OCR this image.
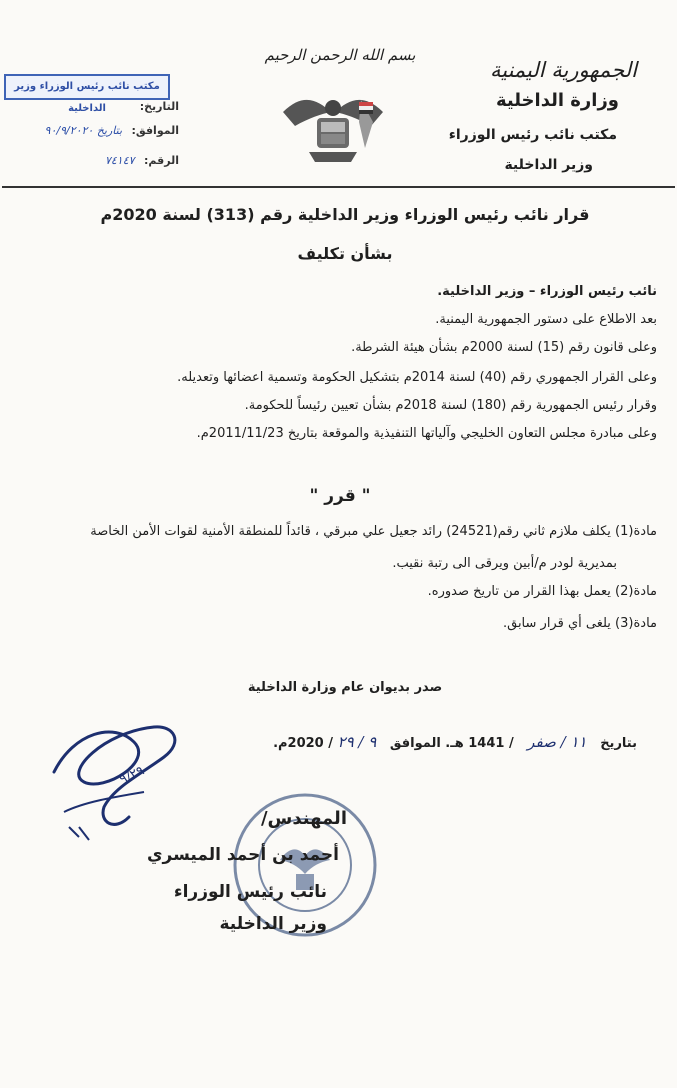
بسم الله الرحمن الرحيم
الجمهورية اليمنية
وزارة الداخلية
مكتب نائب رئيس الوزراء
وزير الداخلية
مكتب نائب رئيس الوزراء وزير الداخلية	التاريخ:
الموافق: بتاريخ ٩٠/٩/٢٠٢٠
الرقم: ٧٤١٤٧
قرار نائب رئيس الوزراء وزير الداخلية رقم (313) لسنة 2020م
بشأن تكليف
نائب رئيس الوزراء – وزير الداخلية.
بعد الاطلاع على دستور الجمهورية اليمنية.
وعلى قانون رقم (15) لسنة 2000م بشأن هيئة الشرطة.
وعلى القرار الجمهوري رقم (40) لسنة 2014م بتشكيل الحكومة وتسمية اعضائها وتعديله.
وقرار رئيس الجمهورية رقم (180) لسنة 2018م بشأن تعيين رئيساً للحكومة.
وعلى مبادرة مجلس التعاون الخليجي وآلياتها التنفيذية والموقعة بتاريخ 2011/11/23م.
" قرر "
مادة(1) يكلف ملازم ثاني رقم(24521) رائد جعيل علي مبرقي ، قائداً للمنطقة الأمنية لقوات الأمن الخاصة
بمديرية لودر م/أبين ويرقى الى رتبة نقيب.
مادة(2) يعمل بهذا القرار من تاريخ صدوره.
مادة(3) يلغى أي قرار سابق.
صدر بديوان عام وزارة الداخلية
بتاريخ   ١١ / صفر   / 1441 هـ. الموافق   ٩ / ٢٩ / 2020م.
٩/٢٩
المهندس/
أحمد بن أحمد الميسري
نائب رئيس الوزراء
وزير الداخلية
